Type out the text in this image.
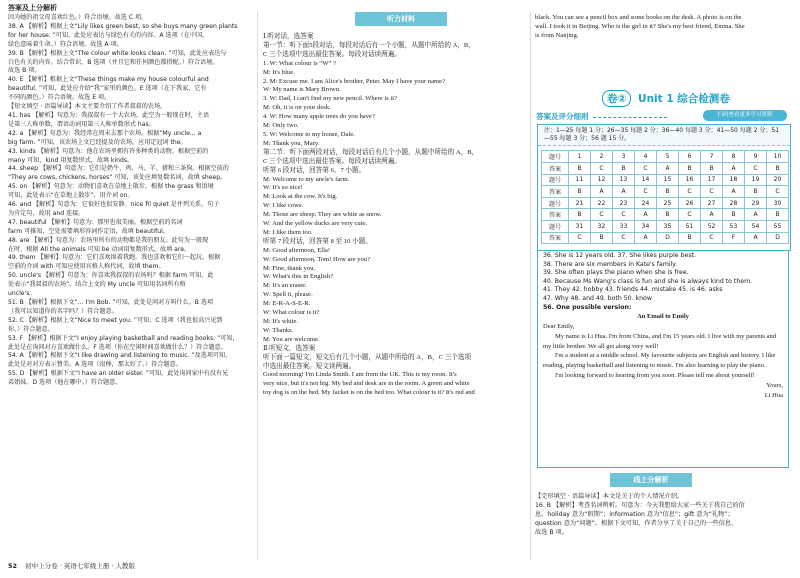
答案及上分解析

因为她的祖父母喜欢红色。）符合语境。故选 C 项。

38. A 【解析】根据上文“Lily likes green best, so she buys many green plants

for her house. ”可知，此处应表达与绿色有关的内容。A 选项（在中国，

绿色意味着生命。）符合语境。故选 A 项。

39. B 【解析】根据上文“The colour white looks clean. ”可知，此处应表达与

白色有关的内容。结合常识，B 选项（并且它和任何颜色都搭配。）符合语境。

故选 B 项。

40. E 【解析】根据上文“These things make my house colourful and

beautiful. ”可知，此处应介绍“我”家里的颜色。E 选项（在下我家，它有

不同的颜色。）符合语境。故选 E 项。

【短文填空 · 语篇导读】本文主要介绍了作者叔叔的农场。

41. has 【解析】句意为：我叔叔有一个大农场。此空为一般现在时，主语

是第三人称单数，谓语动词用第三人称单数形式 has。

42. a 【解析】句意为：我经常在周末去那个农场。根据“My uncle... a

big farm. ”可知，该农场上文已经提及的农场，应用定冠词 the。

43. kinds 【解析】句意为：他在农场里拥有许多种类的动物。根据空前的

many 可知，kind 用复数形式，故填 kinds。

44. sheep 【解析】句意为：它们是奶牛、鸡、马、羊、猪和三条狗。根据空前的

“They are cows, chickens, horses” 可知，该处应填复数名词，故填 sheep。

45. on 【解析】句意为：动物们喜欢在草地上散步。根据 the grass 和语境

可知，此处表示“在草地上散步”，用介词 on。

46. and 【解析】句意为：它很好也很安静。nice 和 quiet 是并列关系，句子

为肯定句，故用 and 连接。

47. beautiful 【解析】句意为：那里也很美丽。根据空前的名词

farm 可推知，空处需要填形容词作定语，故填 beautiful。

48. are 【解析】句意为：农场里所有的动物都是我的朋友。此句为一般现

在时，根据 All the animals 可知 be 动词用复数形式，故填 are。

49. them 【解析】句意为：它们喜欢围着我跑，我也喜欢和它们一起玩。根据

空前的介词 with 可知应使用宾格人称代词，故填 them。

50. uncle's 【解析】句意为：你喜欢我叔叔的农场吗？根据 farm 可知，此

处表示“我叔叔的农场”，结合上文的 My uncle 可知用名词所有格

uncle's。

51. B 【解析】根据下文“... I'm Bob. ”可知，此处是问对方叫什么。B 选项

（我可以知道你的名字吗？）符合题意。

52. C 【解析】根据上文“Nice to meet you. ”可知，C 选项（我也很高兴见到

你。）符合题意。

53. F 【解析】根据下文“I enjoy playing basketball and reading books. ”可知，

此处是在询问对方喜欢做什么。F 选项（你在空闲时间喜欢做什么？）符合题意。

54. A 【解析】根据下文“I like drawing and listening to music. ”及选项可知，

此处是对对方表示赞美。A 选项（很棒，那太好了。）符合题意。

55. D 【解析】根据下文“I have an older sister. ”可知，此处询问家中有没有兄

弟姐妹。D 选项（他在哪中。）符合题意。

听力材料

Ⅰ.听对话，选答案

第一节：听下面5段对话，每段对话后有一个小题，从题中所给的 A，B，

C 三个选项中选出最佳答案。每段对话读两遍。

1. W: What colour is “W” ?

M: It's blue.

2. M: Excuse me. I am Alice's brother, Peter. May I have your name?

W: My name is Mary Brown.

3. W: Dad, I can't find my new pencil. Where is it?

M: Oh, it is on your desk.

4. W: How many apple trees do you have?

M: Only two.

5. W: Welcome to my house, Dale.

M: Thank you, Mary.

第二节：听下面两段对话，每段对话后有几个小题，从题中所给的 A，B，

C 三个选项中选出最佳答案。每段对话读两遍。

听第 6 段对话，回答第 6、7 小题。

M: Welcome to my uncle's farm.

W: It's so nice!

M: Look at the cow. It's big.

W: I like cows.

M: Those are sheep. They are white as snow.

W: And the yellow ducks are very cute.

M: I like them too.

听第 7 段对话，回答第 8 至 10 小题。

M: Good afternoon, Ella!

W: Good afternoon, Tom! How are you?

M: Fine, thank you.

W: What's this in English?

M: It's an eraser.

W: Spell it, please.

M: E-R-A-S-E-R.

W: What colour is it?

M: It's white.

W: Thanks.

M: You are welcome.

Ⅱ.听短文，选答案

听下面一篇短文，短文后有几个小题，从题中所给的 A，B，C 三个选项

中选出最佳答案。短文读两遍。

Good morning! I'm Linda Smith. I am from the UK. This is my room. It's

very nice, but it's not big. My bed and desk are in the room. A green and white

toy dog is on the bed. My Jacket is on the bed too. What colour is it? It's red and

black. You can see a pencil box and some books on the desk. A photo is on the

wall. I took it in Beijing. Who is the girl in it? She's my best friend, Emma. She

is from Nanjing.

卷② Unit 1 综合检测卷
答案及评分细则	扫码查看更多学习资源
注：1—25 每题 1 分；26—35 每题 2 分；36—40 每题 3 分；41—50 每题 2 分；51—55 每题 3 分；56 题 15 分。
题号	1	2	3	4	5	6	7	8	9	10
答案	B	C	B	C	A	B	B	A	C	B
题号	11	12	13	14	15	16	17	18	19	20
答案	B	A	A	C	B	C	C	A	B	C
题号	21	22	23	24	25	26	27	28	29	30
答案	B	C	C	A	B	C	A	B	A	B
题号	31	32	33	34	35	51	52	53	54	55
答案	C	B	C	A	D	B	C	F	A	D

36. She is 12 years old. 37. She likes purple best.

38. There are six members in Kate's family.

39. She often plays the piano when she is free.

40. Because Ms Wang's class is fun and she is always kind to them.

41. They 42. hobby 43. friends 44. mistake 45. is 46. asks

47. Why 48. and 49. both 50. know

56. One possible version:

An Email to Emily

Dear Emily,

My name is Li Hua. I'm from China, and I'm 15 years old. I live with my parents and my little brother. We all get along very well!

I'm a student at a middle school. My favourite subjects are English and history. I like reading, playing basketball and listening to music. I'm also learning to play the piano.

I'm looking forward to hearing from you soon. Please tell me about yourself!

Yours,

Li Hua

线上分解析

【完形填空 · 语篇导读】本文是关于的个人情况介绍。

16. B 【解析】考查名词辨析。句意为：今天我想给大家一些关于我自己的信

息。holiday 意为“假期”；information 意为“信息”；gift 意为“礼物”；

question 意为“问题”。根据下文可知，作者分享了关于自己的一些信息，

故选 B 项。

52 初中上分卷 · 英语七年级上册 · 人教版
